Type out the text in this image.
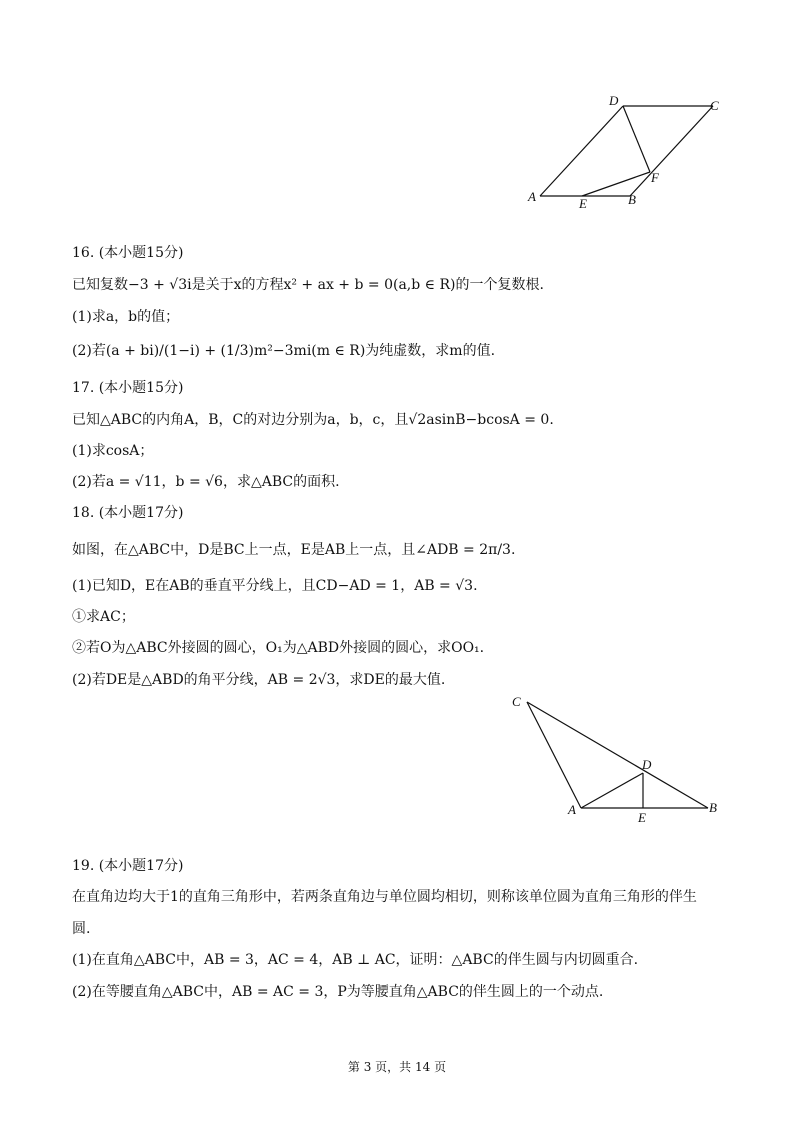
D	C
F
A	E	B
16. (本小题15分)
已知复数−3 + √3i是关于x的方程x² + ax + b = 0(a,b ∈ R)的一个复数根.
(1)求a，b的值；
(2)若(a + bi)/(1−i) + (1/3)m²−3mi(m ∈ R)为纯虚数，求m的值.
17. (本小题15分)
已知△ABC的内角A，B，C的对边分别为a，b，c，且√2asinB−bcosA = 0.
(1)求cosA；
(2)若a = √11，b = √6，求△ABC的面积.
18. (本小题17分)
如图，在△ABC中，D是BC上一点，E是AB上一点，且∠ADB = 2π/3.
(1)已知D，E在AB的垂直平分线上，且CD−AD = 1，AB = √3.
①求AC；
②若O为△ABC外接圆的圆心，O₁为△ABD外接圆的圆心，求OO₁.
(2)若DE是△ABD的角平分线，AB = 2√3，求DE的最大值.
C
D
A
E
B
19. (本小题17分)
在直角边均大于1的直角三角形中，若两条直角边与单位圆均相切，则称该单位圆为直角三角形的伴生
圆.
(1)在直角△ABC中，AB = 3，AC = 4，AB ⊥ AC，证明：△ABC的伴生圆与内切圆重合.
(2)在等腰直角△ABC中，AB = AC = 3，P为等腰直角△ABC的伴生圆上的一个动点.
第 3 页，共 14 页
